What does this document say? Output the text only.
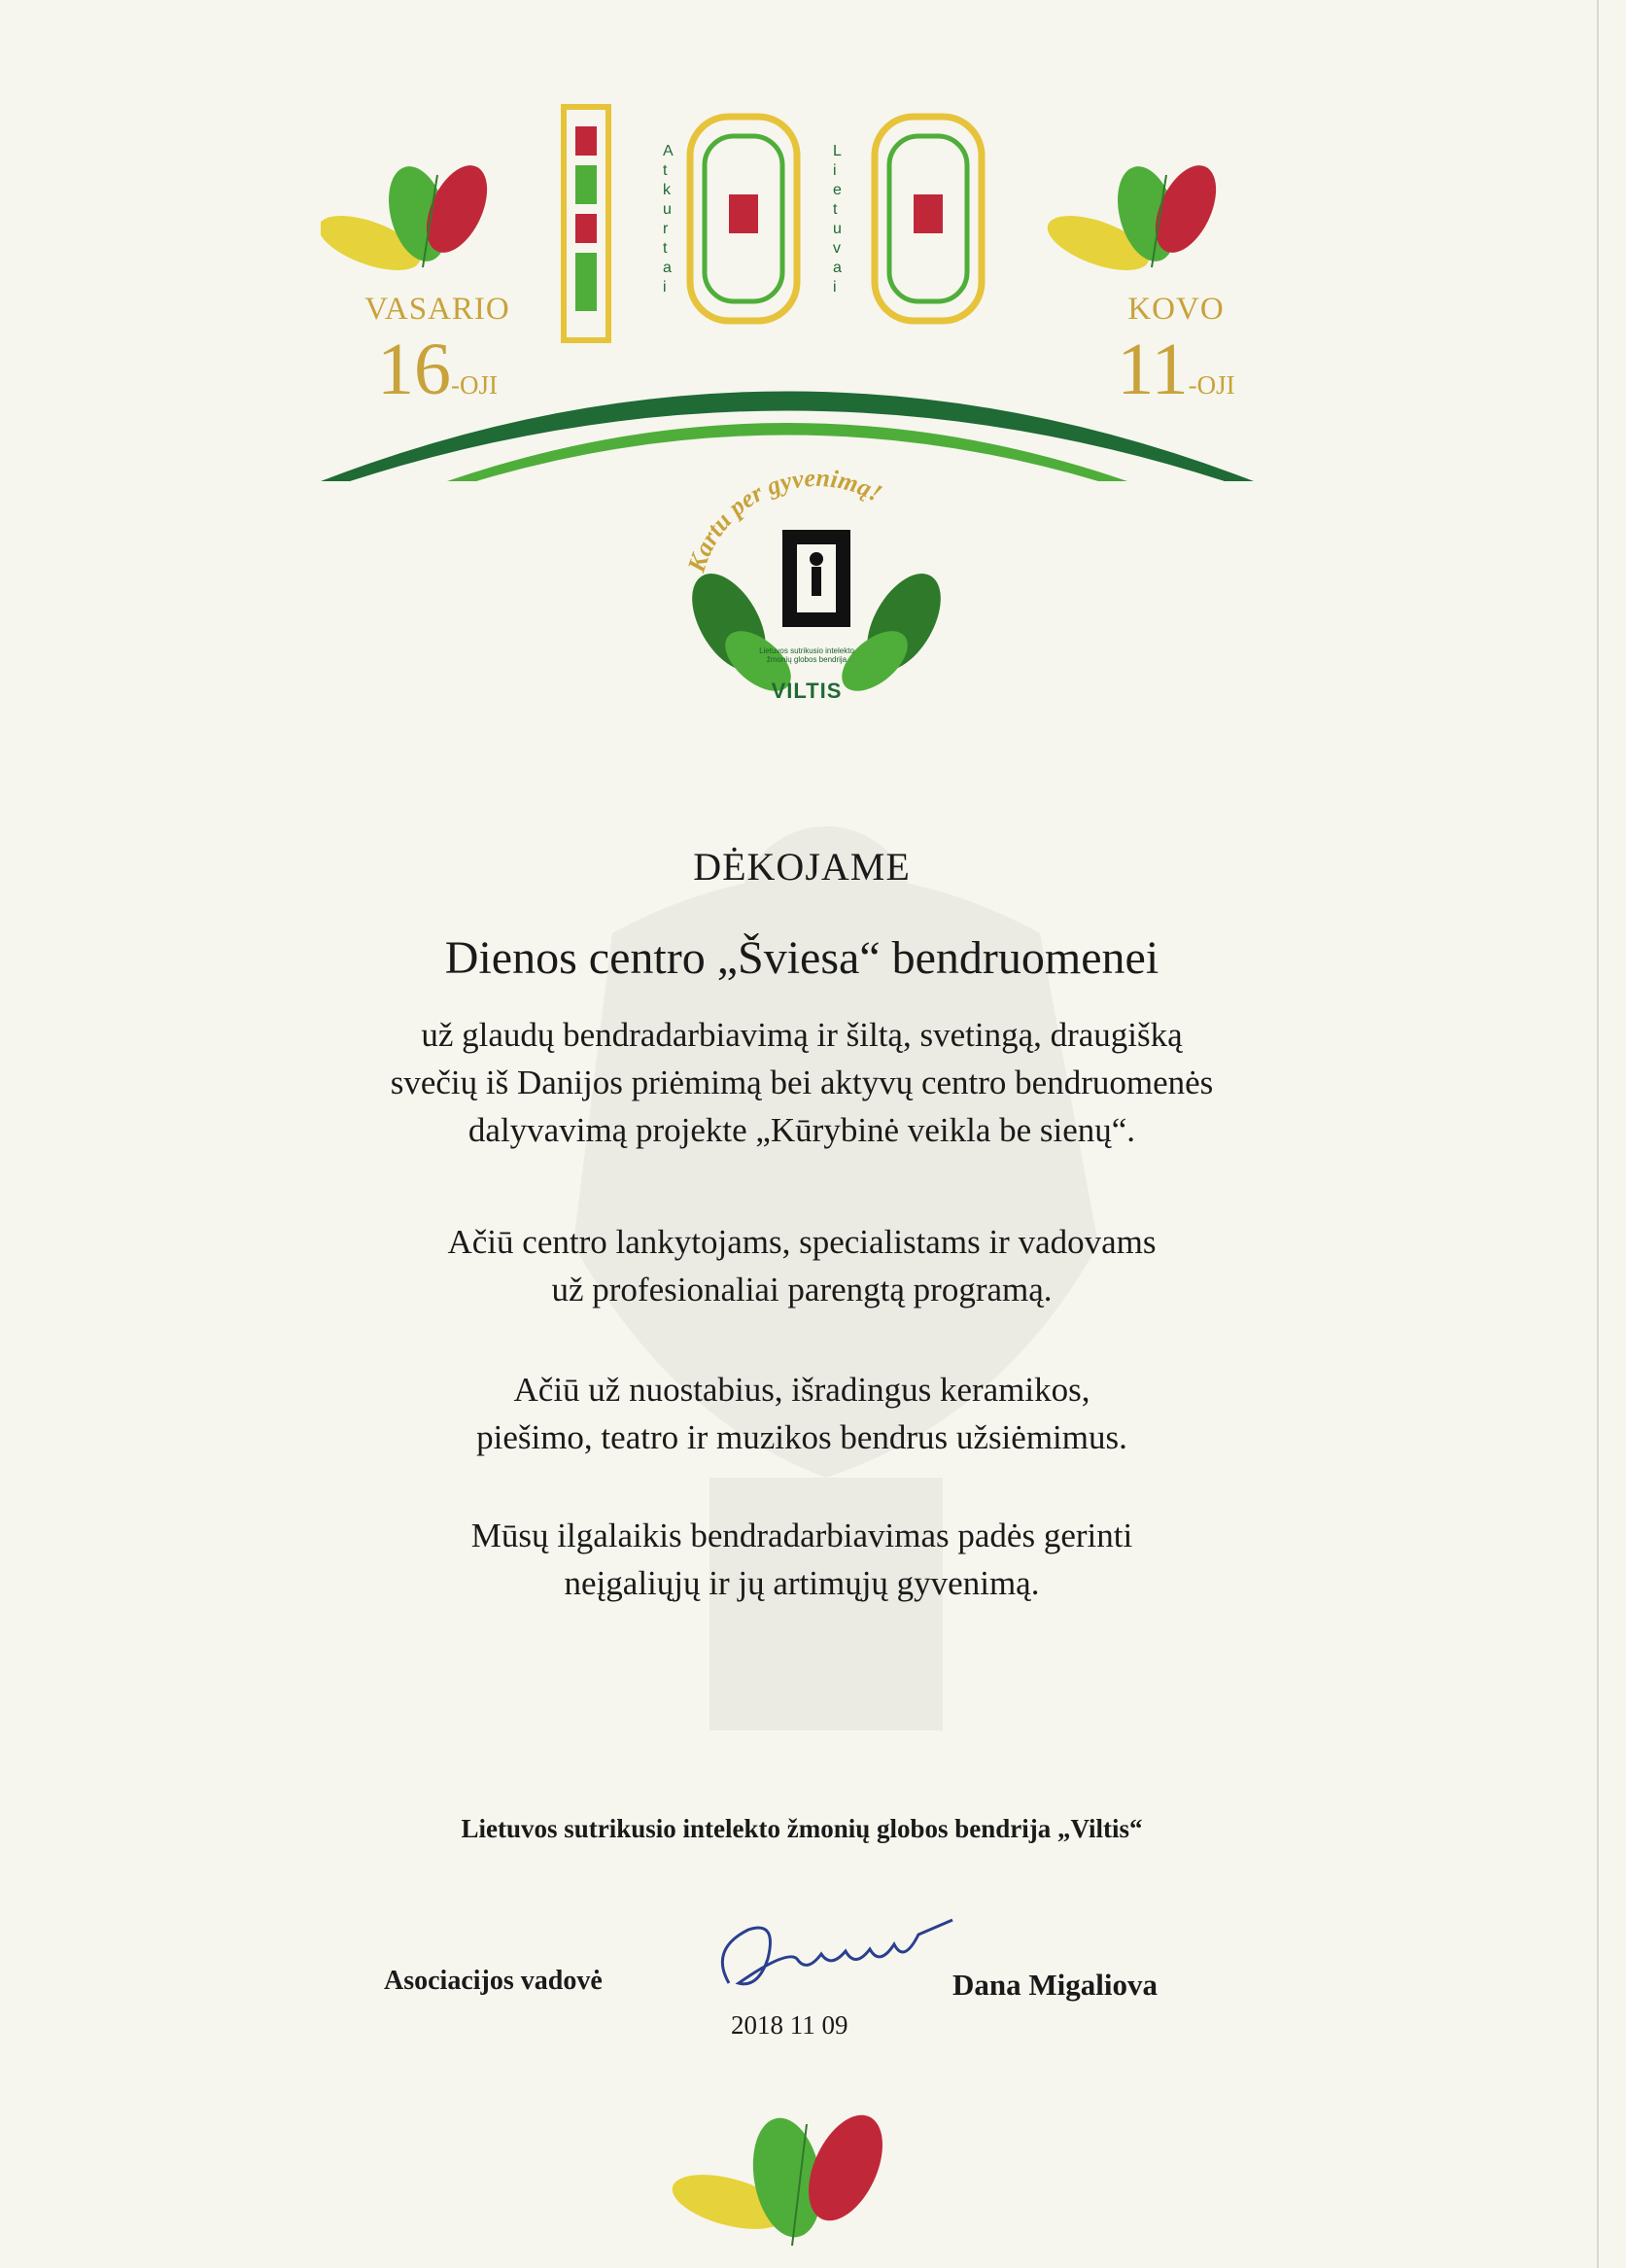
A t k u r t a i
L i e t u v a i
VASARIO
16-OJI
KOVO
11-OJI
Kartu per gyvenimą!
Lietuvos sutrikusio intelekto žmonių globos bendrija
VILTIS
DĖKOJAME
Dienos centro „Šviesa“ bendruomenei
už glaudų bendradarbiavimą ir šiltą, svetingą, draugišką
svečių iš Danijos priėmimą bei aktyvų centro bendruomenės
dalyvavimą projekte „Kūrybinė veikla be sienų“.
Ačiū centro lankytojams, specialistams ir vadovams
už profesionaliai parengtą programą.
Ačiū už nuostabius, išradingus keramikos,
piešimo, teatro ir muzikos bendrus užsiėmimus.
Mūsų ilgalaikis bendradarbiavimas padės gerinti
neįgaliųjų ir jų artimųjų gyvenimą.
Lietuvos sutrikusio intelekto žmonių globos bendrija „Viltis“
Asociacijos vadovė	Dana Migaliova
2018 11 09
